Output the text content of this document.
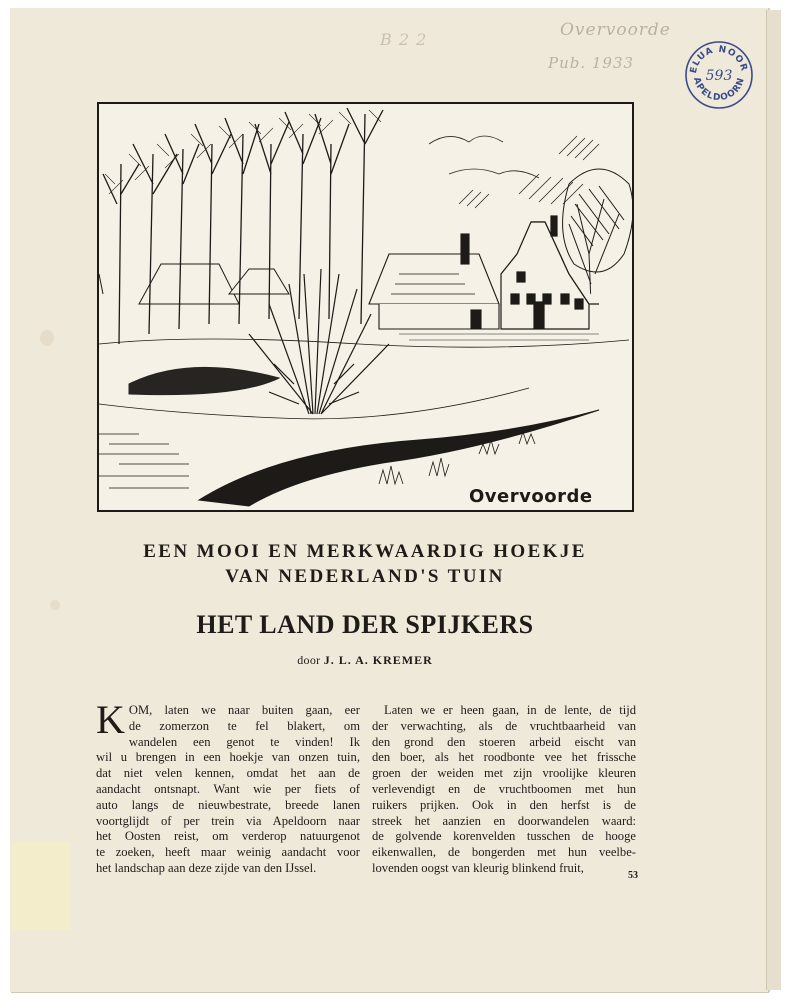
Overvoorde
Pub. 1933
B 2 2
ELUA NOOR
593
APELDOORN
Overvoorde
EEN MOOI EN MERKWAARDIG HOEKJE
VAN NEDERLAND'S TUIN
HET LAND DER SPIJKERS
door J. L. A. KREMER
K OM, laten we naar buiten gaan, eer
de zomerzon te fel blakert, om
wandelen een genot te vinden! Ik
wil u brengen in een hoekje van onzen tuin,
dat niet velen kennen, omdat het aan de
aandacht ontsnapt. Want wie per fiets of
auto langs de nieuwbestrate, breede lanen
voortglijdt of per trein via Apeldoorn naar
het Oosten reist, om verderop natuurgenot
te zoeken, heeft maar weinig aandacht voor
het landschap aan deze zijde van den IJssel.
Laten we er heen gaan, in de lente, de tijd
der verwachting, als de vruchtbaarheid van
den grond den stoeren arbeid eischt van
den boer, als het roodbonte vee het frissche
groen der weiden met zijn vroolijke kleuren
verlevendigt en de vruchtboomen met hun
ruikers prijken. Ook in den herfst is de
streek het aanzien en doorwandelen waard:
de golvende korenvelden tusschen de hooge
eikenwallen, de bongerden met hun veelbe-
lovenden oogst van kleurig blinkend fruit,
53
